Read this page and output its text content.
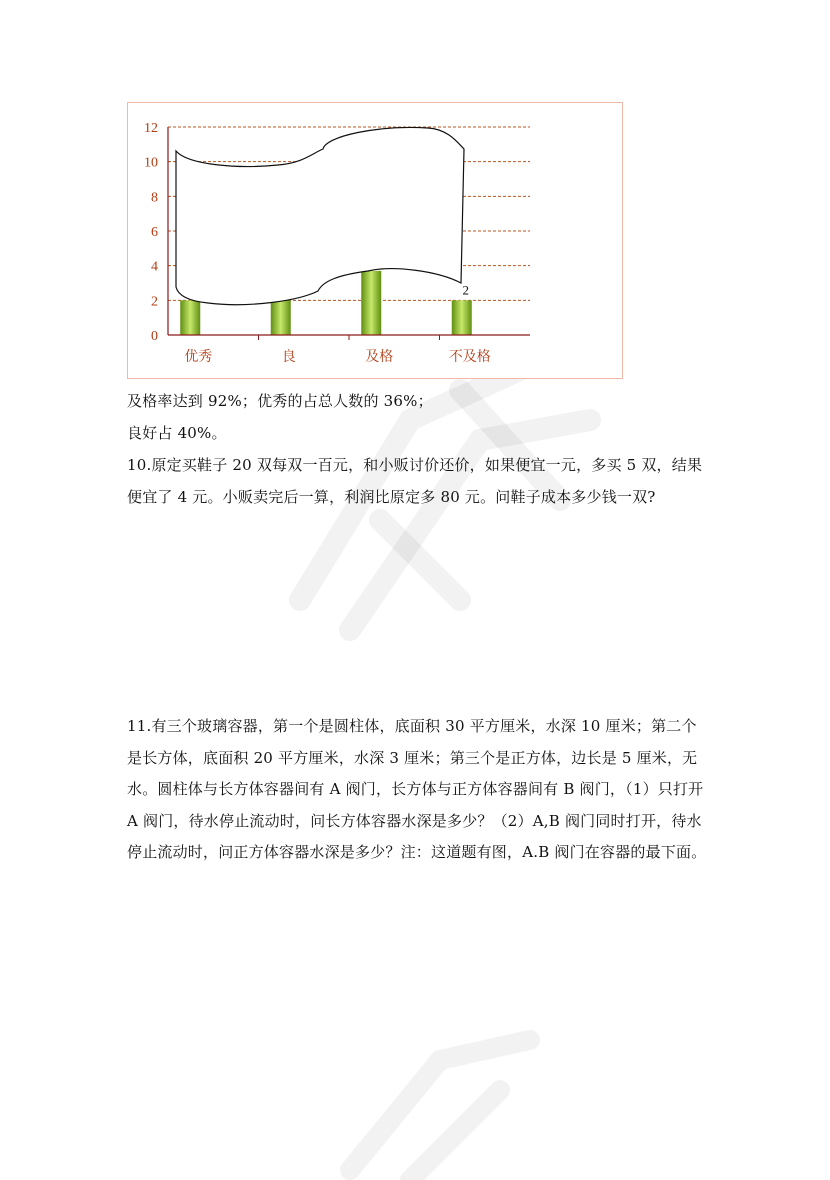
0
2
4
6
8
10
12
优秀	良	及格	不及格
2

及格率达到 92%；优秀的占总人数的 36%；

良好占 40%。

10.原定买鞋子 20 双每双一百元，和小贩讨价还价，如果便宜一元，多买 5 双，结果便宜了 4 元。小贩卖完后一算，利润比原定多 80 元。问鞋子成本多少钱一双?

11.有三个玻璃容器，第一个是圆柱体，底面积 30 平方厘米，水深 10 厘米；第二个是长方体，底面积 20 平方厘米，水深 3 厘米；第三个是正方体，边长是 5 厘米，无水。圆柱体与长方体容器间有 A 阀门，长方体与正方体容器间有 B 阀门，（1）只打开 A 阀门，待水停止流动时，问长方体容器水深是多少？（2）A,B 阀门同时打开，待水停止流动时，问正方体容器水深是多少？注：这道题有图，A.B 阀门在容器的最下面。
